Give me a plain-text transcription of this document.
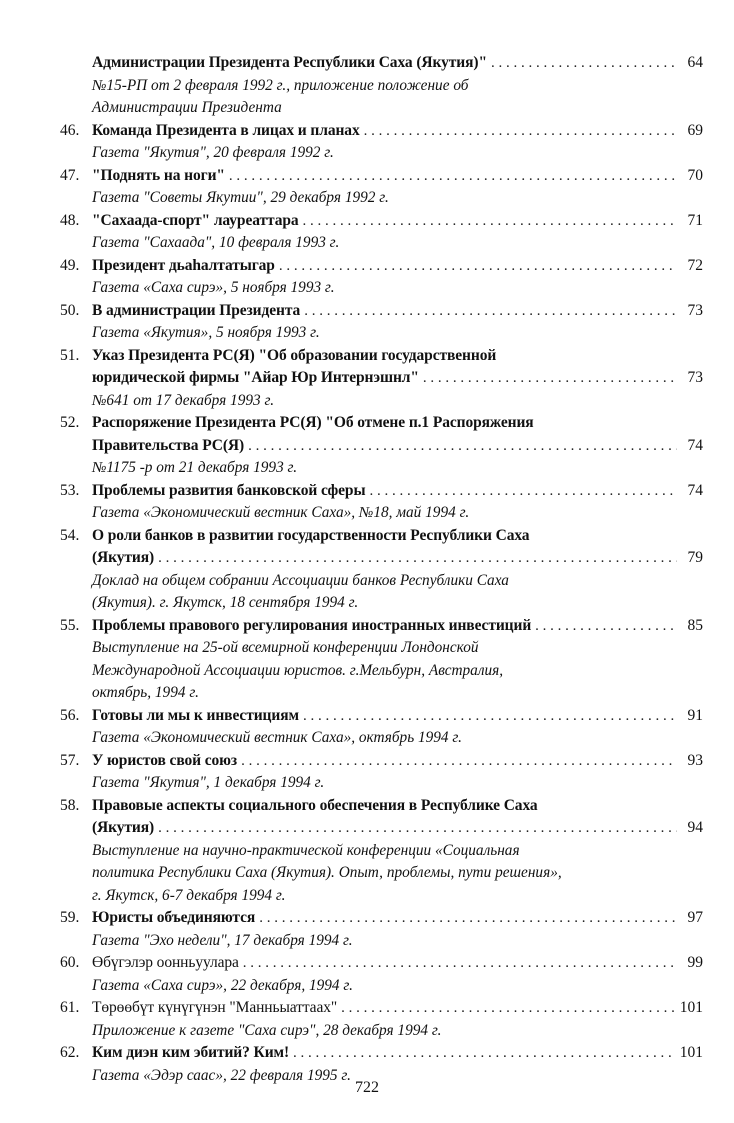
Администрации Президента Республики Саха (Якутия)" . . .	64
№15-РП от 2 февраля 1992 г., приложение положение об
Администрации Президента
46. Команда Президента в лицах и планах . . .	69
Газета "Якутия", 20 февраля 1992 г.
47. "Поднять на ноги" . . .	70
Газета "Советы Якутии", 29 декабря 1992 г.
48. "Сахаада-спорт" лауреаттара . . .	71
Газета "Сахаада", 10 февраля 1993 г.
49. Президент дьаһалтатыгар . . .	72
Газета «Саха сирэ», 5 ноября 1993 г.
50. В администрации Президента . . .	73
Газета «Якутия», 5 ноября 1993 г.
51. Указ Президента РС(Я) "Об образовании государственной
юридической фирмы "Айар Юр Интернэшнл" . . .	73
№641 от 17 декабря 1993 г.
52. Распоряжение Президента РС(Я) "Об отмене п.1 Распоряжения
Правительства РС(Я) . . .	74
№1175 -р от 21 декабря 1993 г.
53. Проблемы развития банковской сферы . . .	74
Газета «Экономический вестник Саха», №18, май 1994 г.
54. О роли банков в развитии государственности Республики Саха
(Якутия) . . .	79
Доклад на общем собрании Ассоциации банков Республики Саха
(Якутия). г. Якутск, 18 сентября 1994 г.
55. Проблемы правового регулирования иностранных инвестиций . . .	85
Выступление на 25-ой всемирной конференции Лондонской
Международной Ассоциации юристов. г.Мельбурн, Австралия,
октябрь, 1994 г.
56. Готовы ли мы к инвестициям . . .	91
Газета «Экономический вестник Саха», октябрь 1994 г.
57. У юристов свой союз . . .	93
Газета "Якутия", 1 декабря 1994 г.
58. Правовые аспекты социального обеспечения в Республике Саха
(Якутия) . . .	94
Выступление на научно-практической конференции «Социальная
политика Республики Саха (Якутия). Опыт, проблемы, пути решения»,
г. Якутск, 6-7 декабря 1994 г.
59. Юристы объединяются . . .	97
Газета "Эхо недели", 17 декабря 1994 г.
60. Өбүгэлэр оонньуулара . . .	99
Газета «Саха сирэ», 22 декабря, 1994 г.
61. Төрөөбүт күнүгүнэн "Манньыаттаах" . . .	101
Приложение к газете "Саха сирэ", 28 декабря 1994 г.
62. Ким диэн ким эбитий? Ким! . . .	101
Газета «Эдэр саас», 22 февраля 1995 г.
722
